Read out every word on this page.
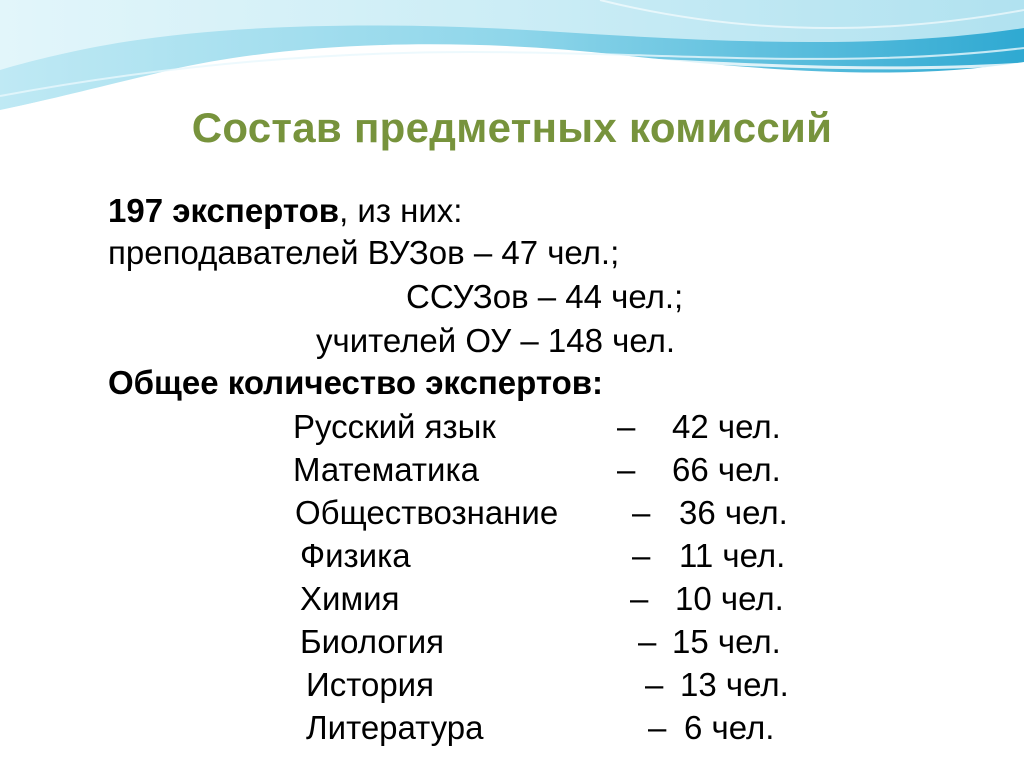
Состав предметных комиссий
197 экспертов, из них:
преподавателей ВУЗов – 47 чел.;
ССУЗов – 44 чел.;
учителей ОУ – 148 чел.
Общее количество экспертов:
Русский язык	– 42 чел.
Математика	– 66 чел.
Обществознание – 36 чел.
Физика	– 11 чел.
Химия	– 10 чел.
Биология	– 15 чел.
История	– 13 чел.
Литература	– 6 чел.
